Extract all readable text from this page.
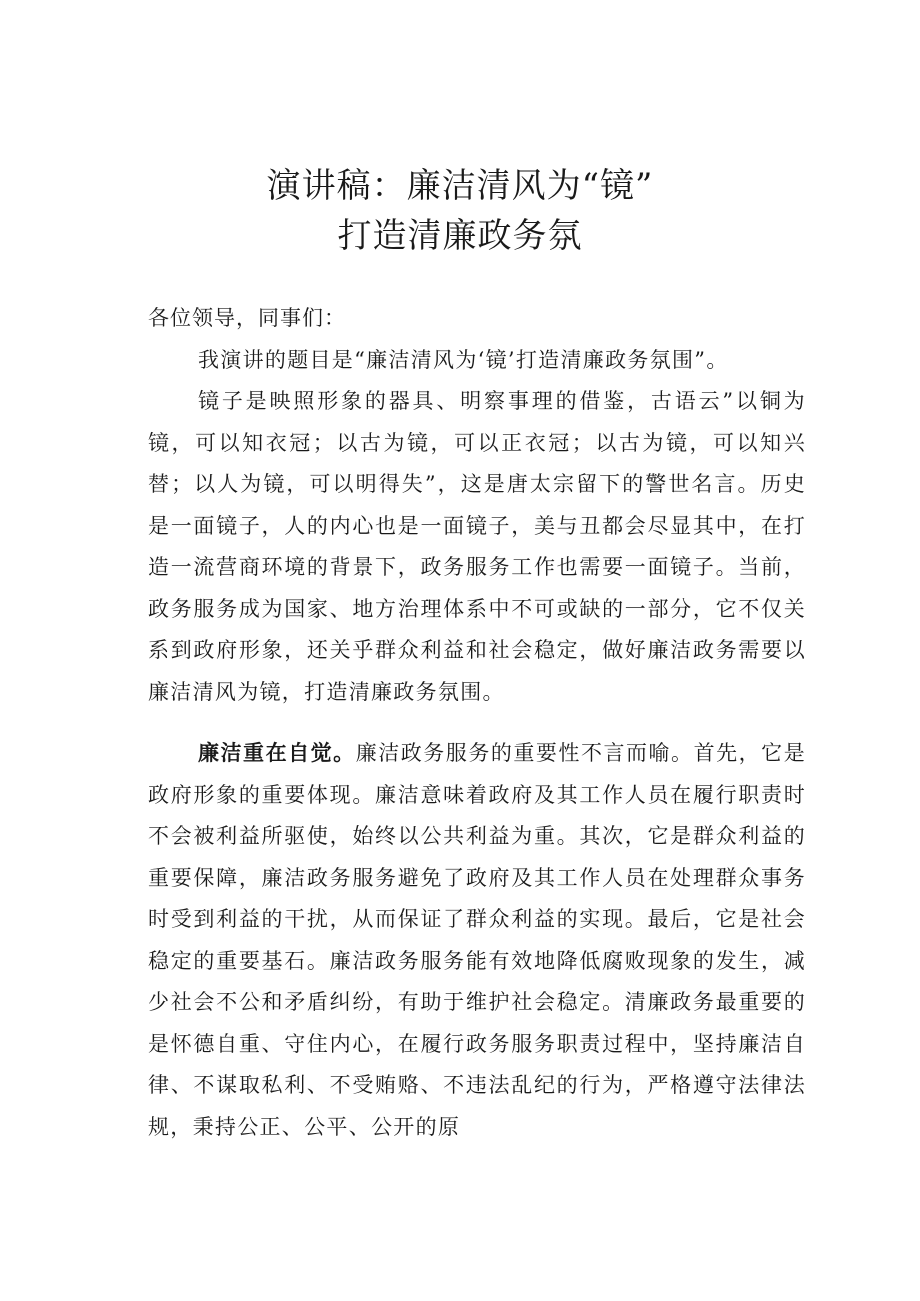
演讲稿：廉洁清风为“镜”
打造清廉政务氛

各位领导，同事们：

我演讲的题目是“廉洁清风为‘镜’打造清廉政务氛围”。

镜子是映照形象的器具、明察事理的借鉴，古语云”以铜为镜，可以知衣冠；以古为镜，可以正衣冠；以古为镜，可以知兴替；以人为镜，可以明得失”，这是唐太宗留下的警世名言。历史是一面镜子，人的内心也是一面镜子，美与丑都会尽显其中，在打造一流营商环境的背景下，政务服务工作也需要一面镜子。当前，政务服务成为国家、地方治理体系中不可或缺的一部分，它不仅关系到政府形象，还关乎群众利益和社会稳定，做好廉洁政务需要以廉洁清风为镜，打造清廉政务氛围。

廉洁重在自觉。廉洁政务服务的重要性不言而喻。首先，它是政府形象的重要体现。廉洁意味着政府及其工作人员在履行职责时不会被利益所驱使，始终以公共利益为重。其次，它是群众利益的重要保障，廉洁政务服务避免了政府及其工作人员在处理群众事务时受到利益的干扰，从而保证了群众利益的实现。最后，它是社会稳定的重要基石。廉洁政务服务能有效地降低腐败现象的发生，减少社会不公和矛盾纠纷，有助于维护社会稳定。清廉政务最重要的是怀德自重、守住内心，在履行政务服务职责过程中，坚持廉洁自律、不谋取私利、不受贿赂、不违法乱纪的行为，严格遵守法律法规，秉持公正、公平、公开的原
